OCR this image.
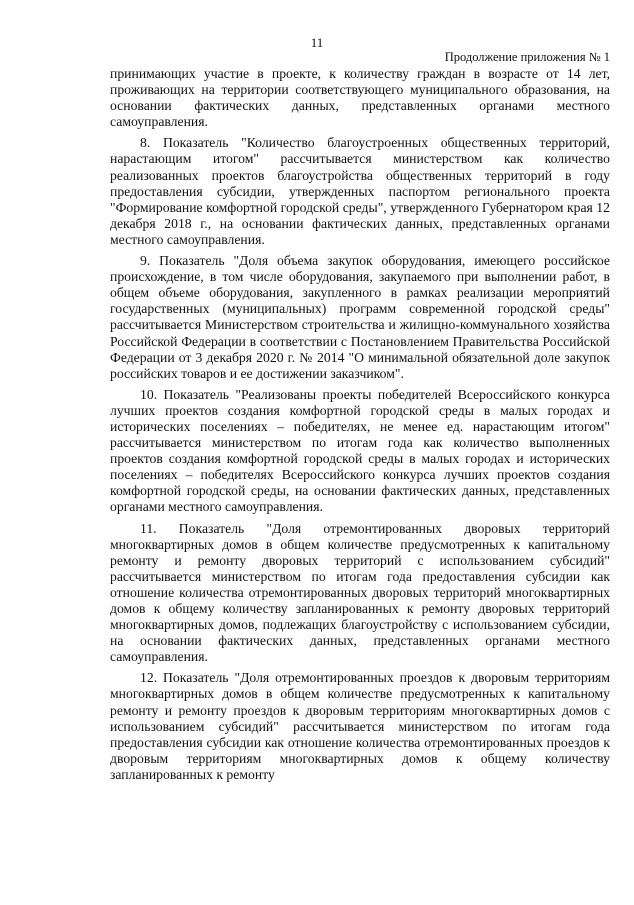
11
Продолжение приложения № 1

принимающих участие в проекте, к количеству граждан в возрасте от 14 лет, проживающих на территории соответствующего муниципального образования, на основании фактических данных, представленных органами местного самоуправления.

8. Показатель "Количество благоустроенных общественных территорий, нарастающим итогом" рассчитывается министерством как количество реализованных проектов благоустройства общественных территорий в году предоставления субсидии, утвержденных паспортом регионального проекта "Формирование комфортной городской среды", утвержденного Губернатором края 12 декабря 2018 г., на основании фактических данных, представленных органами местного самоуправления.

9. Показатель "Доля объема закупок оборудования, имеющего российское происхождение, в том числе оборудования, закупаемого при выполнении работ, в общем объеме оборудования, закупленного в рамках реализации мероприятий государственных (муниципальных) программ современной городской среды" рассчитывается Министерством строительства и жилищно-коммунального хозяйства Российской Федерации в соответствии с Постановлением Правительства Российской Федерации от 3 декабря 2020 г. № 2014 "О минимальной обязательной доле закупок российских товаров и ее достижении заказчиком".

10. Показатель "Реализованы проекты победителей Всероссийского конкурса лучших проектов создания комфортной городской среды в малых городах и исторических поселениях – победителях, не менее ед. нарастающим итогом" рассчитывается министерством по итогам года как количество выполненных проектов создания комфортной городской среды в малых городах и исторических поселениях – победителях Всероссийского конкурса лучших проектов создания комфортной городской среды, на основании фактических данных, представленных органами местного самоуправления.

11. Показатель "Доля отремонтированных дворовых территорий многоквартирных домов в общем количестве предусмотренных к капитальному ремонту и ремонту дворовых территорий с использованием субсидий" рассчитывается министерством по итогам года предоставления субсидии как отношение количества отремонтированных дворовых территорий многоквартирных домов к общему количеству запланированных к ремонту дворовых территорий многоквартирных домов, подлежащих благоустройству с использованием субсидии, на основании фактических данных, представленных органами местного самоуправления.

12. Показатель "Доля отремонтированных проездов к дворовым территориям многоквартирных домов в общем количестве предусмотренных к капитальному ремонту и ремонту проездов к дворовым территориям многоквартирных домов с использованием субсидий" рассчитывается министерством по итогам года предоставления субсидии как отношение количества отремонтированных проездов к дворовым территориям многоквартирных домов к общему количеству запланированных к ремонту
